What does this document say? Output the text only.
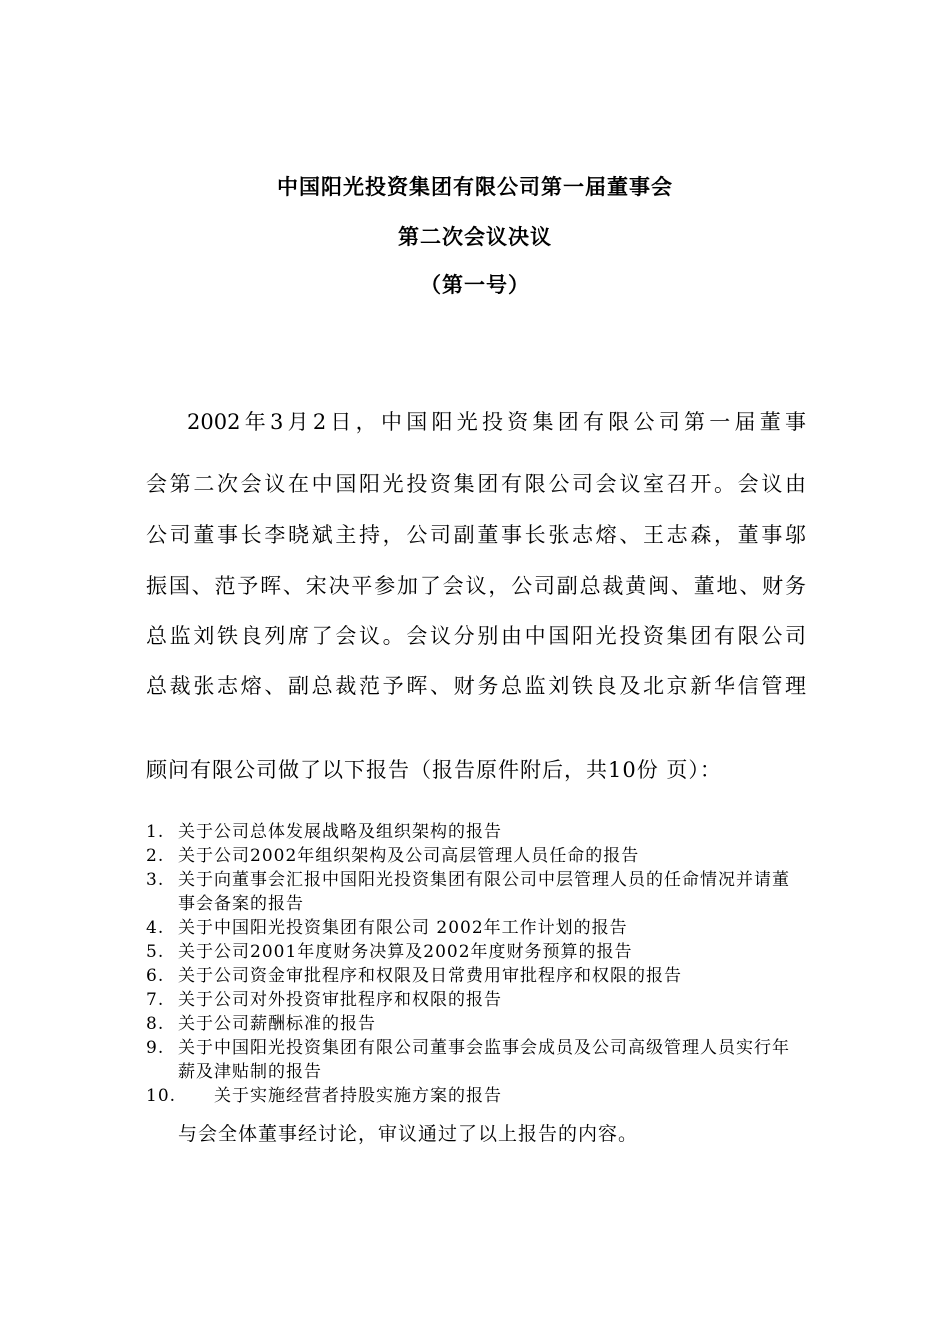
中国阳光投资集团有限公司第一届董事会
第二次会议决议
（第一号）
2002年3月2日，中国阳光投资集团有限公司第一届董事
会第二次会议在中国阳光投资集团有限公司会议室召开。会议由
公司董事长李晓斌主持，公司副董事长张志熔、王志森，董事邬
振国、范予晖、宋决平参加了会议，公司副总裁黄闽、董地、财务
总监刘铁良列席了会议。会议分别由中国阳光投资集团有限公司
总裁张志熔、副总裁范予晖、财务总监刘铁良及北京新华信管理
顾问有限公司做了以下报告（报告原件附后，共10份 页）：
1. 关于公司总体发展战略及组织架构的报告
2. 关于公司2002年组织架构及公司高层管理人员任命的报告
3. 关于向董事会汇报中国阳光投资集团有限公司中层管理人员的任命情况并请董事会备案的报告
4. 关于中国阳光投资集团有限公司 2002年工作计划的报告
5. 关于公司2001年度财务决算及2002年度财务预算的报告
6. 关于公司资金审批程序和权限及日常费用审批程序和权限的报告
7. 关于公司对外投资审批程序和权限的报告
8. 关于公司薪酬标准的报告
9. 关于中国阳光投资集团有限公司董事会监事会成员及公司高级管理人员实行年薪及津贴制的报告
10. 关于实施经营者持股实施方案的报告
与会全体董事经讨论，审议通过了以上报告的内容。
